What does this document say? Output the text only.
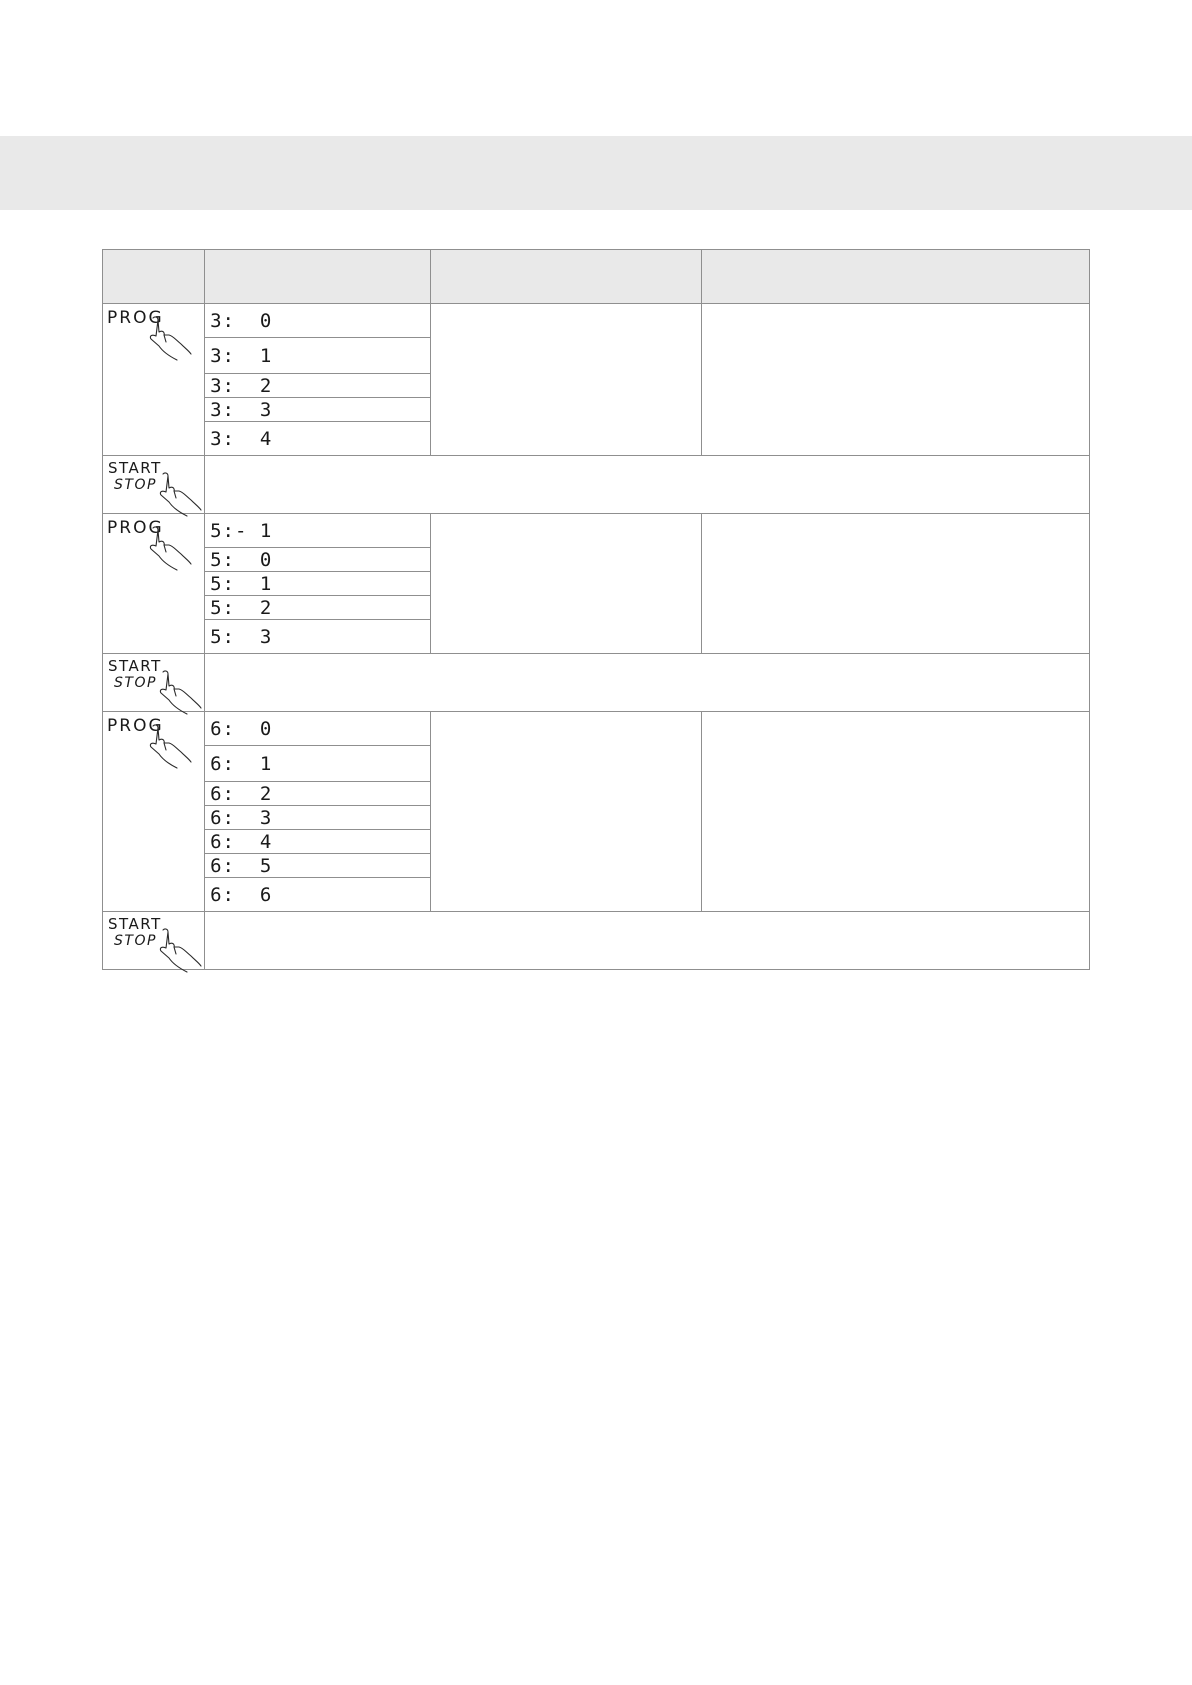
PROG	3:  0		
	3:  1		
	3:  2		
	3:  3		
	3:  4		

START
STOP			

PROG	5:- 1		
	5:  0		
	5:  1		
	5:  2		
	5:  3		

START
STOP			

PROG	6:  0		
	6:  1		
	6:  2		
	6:  3		
	6:  4		
	6:  5		
	6:  6		

START
STOP			
